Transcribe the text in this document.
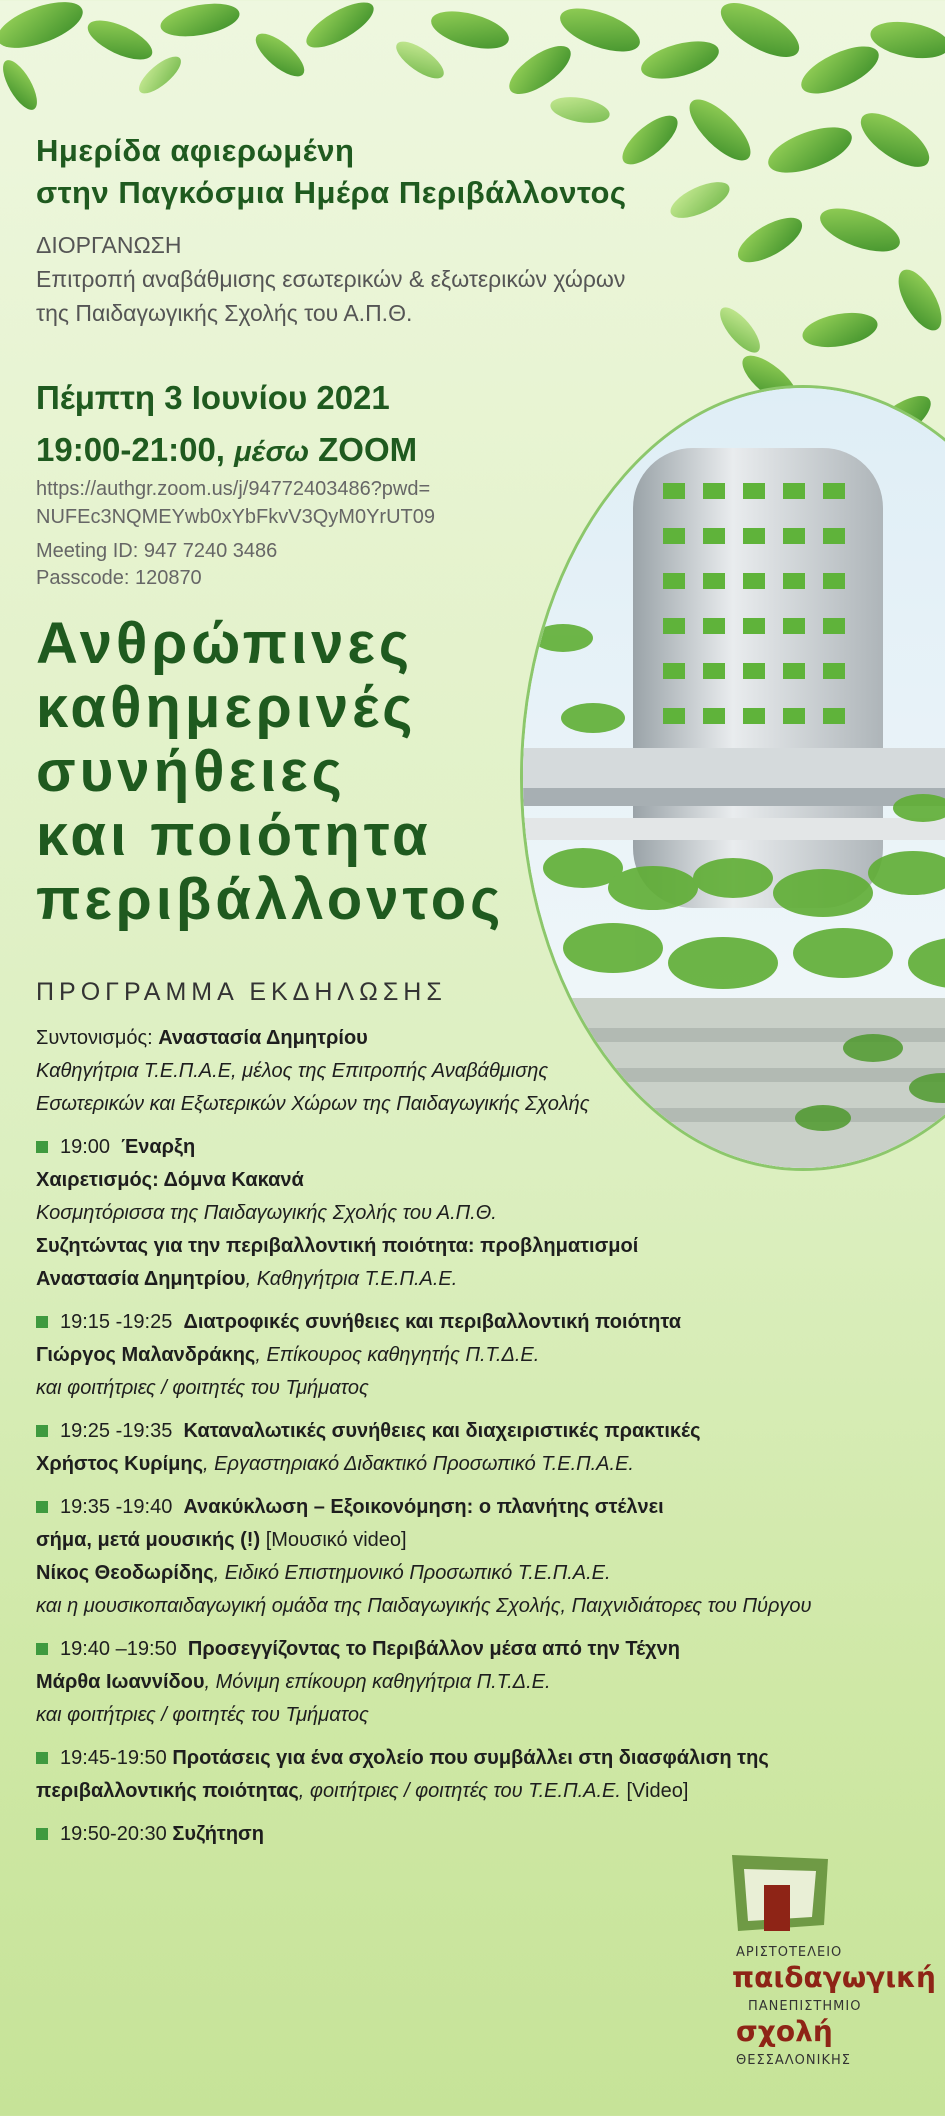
Ημερίδα αφιερωμένη
στην Παγκόσμια Ημέρα Περιβάλλοντος
ΔΙΟΡΓΑΝΩΣΗ
Επιτροπή αναβάθμισης εσωτερικών & εξωτερικών χώρων
της Παιδαγωγικής Σχολής του Α.Π.Θ.
Πέμπτη 3 Ιουνίου 2021
19:00-21:00, μέσω ZOOM
https://authgr.zoom.us/j/94772403486?pwd=
NUFEc3NQMEYwb0xYbFkvV3QyM0YrUT09
Meeting ID: 947 7240 3486
Passcode: 120870
Ανθρώπινες
καθημερινές
συνήθειες
και ποιότητα
περιβάλλοντος
ΠΡΟΓΡΑΜΜΑ ΕΚΔΗΛΩΣΗΣ
Συντονισμός: Αναστασία Δημητρίου
Καθηγήτρια Τ.Ε.Π.Α.Ε, μέλος της Επιτροπής Αναβάθμισης
Εσωτερικών και Εξωτερικών Χώρων της Παιδαγωγικής Σχολής
19:00 Έναρξη
Χαιρετισμός: Δόμνα Κακανά
Κοσμητόρισσα της Παιδαγωγικής Σχολής του Α.Π.Θ.
Συζητώντας για την περιβαλλοντική ποιότητα: προβληματισμοί
Αναστασία Δημητρίου, Καθηγήτρια Τ.Ε.Π.Α.Ε.
19:15 -19:25 Διατροφικές συνήθειες και περιβαλλοντική ποιότητα
Γιώργος Μαλανδράκης, Επίκουρος καθηγητής Π.Τ.Δ.Ε.
και φοιτήτριες / φοιτητές του Τμήματος
19:25 -19:35 Καταναλωτικές συνήθειες και διαχειριστικές πρακτικές
Χρήστος Κυρίμης, Εργαστηριακό Διδακτικό Προσωπικό Τ.Ε.Π.Α.Ε.
19:35 -19:40 Ανακύκλωση – Εξοικονόμηση: ο πλανήτης στέλνει
σήμα, μετά μουσικής (!) [Μουσικό video]
Νίκος Θεοδωρίδης, Ειδικό Επιστημονικό Προσωπικό Τ.Ε.Π.Α.Ε.
και η μουσικοπαιδαγωγική ομάδα της Παιδαγωγικής Σχολής, Παιχνιδιάτορες του Πύργου
19:40 –19:50 Προσεγγίζοντας το Περιβάλλον μέσα από την Τέχνη
Μάρθα Ιωαννίδου, Μόνιμη επίκουρη καθηγήτρια Π.Τ.Δ.Ε.
και φοιτήτριες / φοιτητές του Τμήματος
19:45-19:50 Προτάσεις για ένα σχολείο που συμβάλλει στη διασφάλιση της
περιβαλλοντικής ποιότητας, φοιτήτριες / φοιτητές του Τ.Ε.Π.Α.Ε. [Video]
19:50-20:30 Συζήτηση
ΑΡΙΣΤΟΤΕΛΕΙΟ
παιδαγωγική
ΠΑΝΕΠΙΣΤΗΜΙΟ
σχολή
ΘΕΣΣΑΛΟΝΙΚΗΣ
